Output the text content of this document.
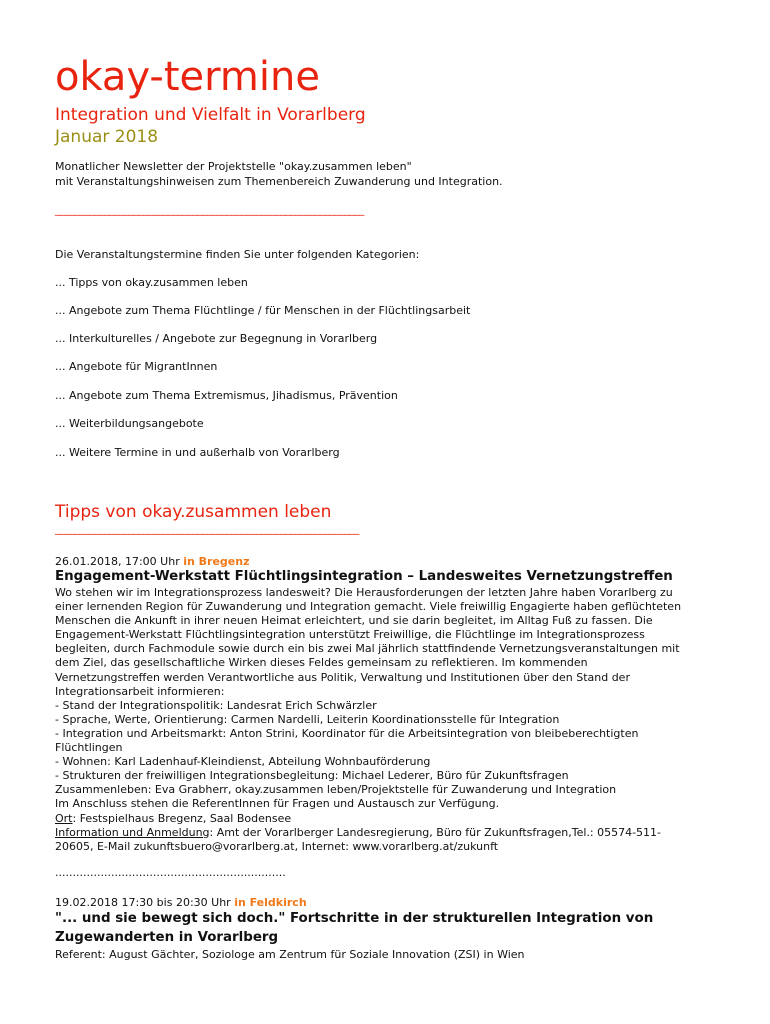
okay-termine
Integration und Vielfalt in Vorarlberg
Januar 2018
Monatlicher Newsletter der Projektstelle "okay.zusammen leben"
mit Veranstaltungshinweisen zum Themenbereich Zuwanderung und Integration.
_______________________________________________________________
Die Veranstaltungstermine finden Sie unter folgenden Kategorien:
... Tipps von okay.zusammen leben
... Angebote zum Thema Flüchtlinge / für Menschen in der Flüchtlingsarbeit
... Interkulturelles / Angebote zur Begegnung in Vorarlberg
... Angebote für MigrantInnen
... Angebote zum Thema Extremismus, Jihadismus, Prävention
... Weiterbildungsangebote
... Weitere Termine in und außerhalb von Vorarlberg
Tipps von okay.zusammen leben
______________________________________________________________
26.01.2018, 17:00 Uhr in Bregenz
Engagement-Werkstatt Flüchtlingsintegration – Landesweites Vernetzungstreffen
Wo stehen wir im Integrationsprozess landesweit? Die Herausforderungen der letzten Jahre haben Vorarlberg zu
einer lernenden Region für Zuwanderung und Integration gemacht. Viele freiwillig Engagierte haben geflüchteten
Menschen die Ankunft in ihrer neuen Heimat erleichtert, und sie darin begleitet, im Alltag Fuß zu fassen. Die
Engagement-Werkstatt Flüchtlingsintegration unterstützt Freiwillige, die Flüchtlinge im Integrationsprozess
begleiten, durch Fachmodule sowie durch ein bis zwei Mal jährlich stattfindende Vernetzungsveranstaltungen mit
dem Ziel, das gesellschaftliche Wirken dieses Feldes gemeinsam zu reflektieren. Im kommenden
Vernetzungstreffen werden Verantwortliche aus Politik, Verwaltung und Institutionen über den Stand der
Integrationsarbeit informieren:
- Stand der Integrationspolitik: Landesrat Erich Schwärzler
- Sprache, Werte, Orientierung: Carmen Nardelli, Leiterin Koordinationsstelle für Integration
- Integration und Arbeitsmarkt: Anton Strini, Koordinator für die Arbeitsintegration von bleibeberechtigten
Flüchtlingen
- Wohnen: Karl Ladenhauf-Kleindienst, Abteilung Wohnbauförderung
- Strukturen der freiwilligen Integrationsbegleitung: Michael Lederer, Büro für Zukunftsfragen
Zusammenleben: Eva Grabherr, okay.zusammen leben/Projektstelle für Zuwanderung und Integration
Im Anschluss stehen die ReferentInnen für Fragen und Austausch zur Verfügung.
Ort: Festspielhaus Bregenz, Saal Bodensee
Information und Anmeldung: Amt der Vorarlberger Landesregierung, Büro für Zukunftsfragen,Tel.: 05574-511-
20605, E-Mail zukunftsbuero@vorarlberg.at, Internet: www.vorarlberg.at/zukunft
..................................................................
19.02.2018 17:30 bis 20:30 Uhr in Feldkirch
"... und sie bewegt sich doch." Fortschritte in der strukturellen Integration von
Zugewanderten in Vorarlberg
Referent: August Gächter, Soziologe am Zentrum für Soziale Innovation (ZSI) in Wien
